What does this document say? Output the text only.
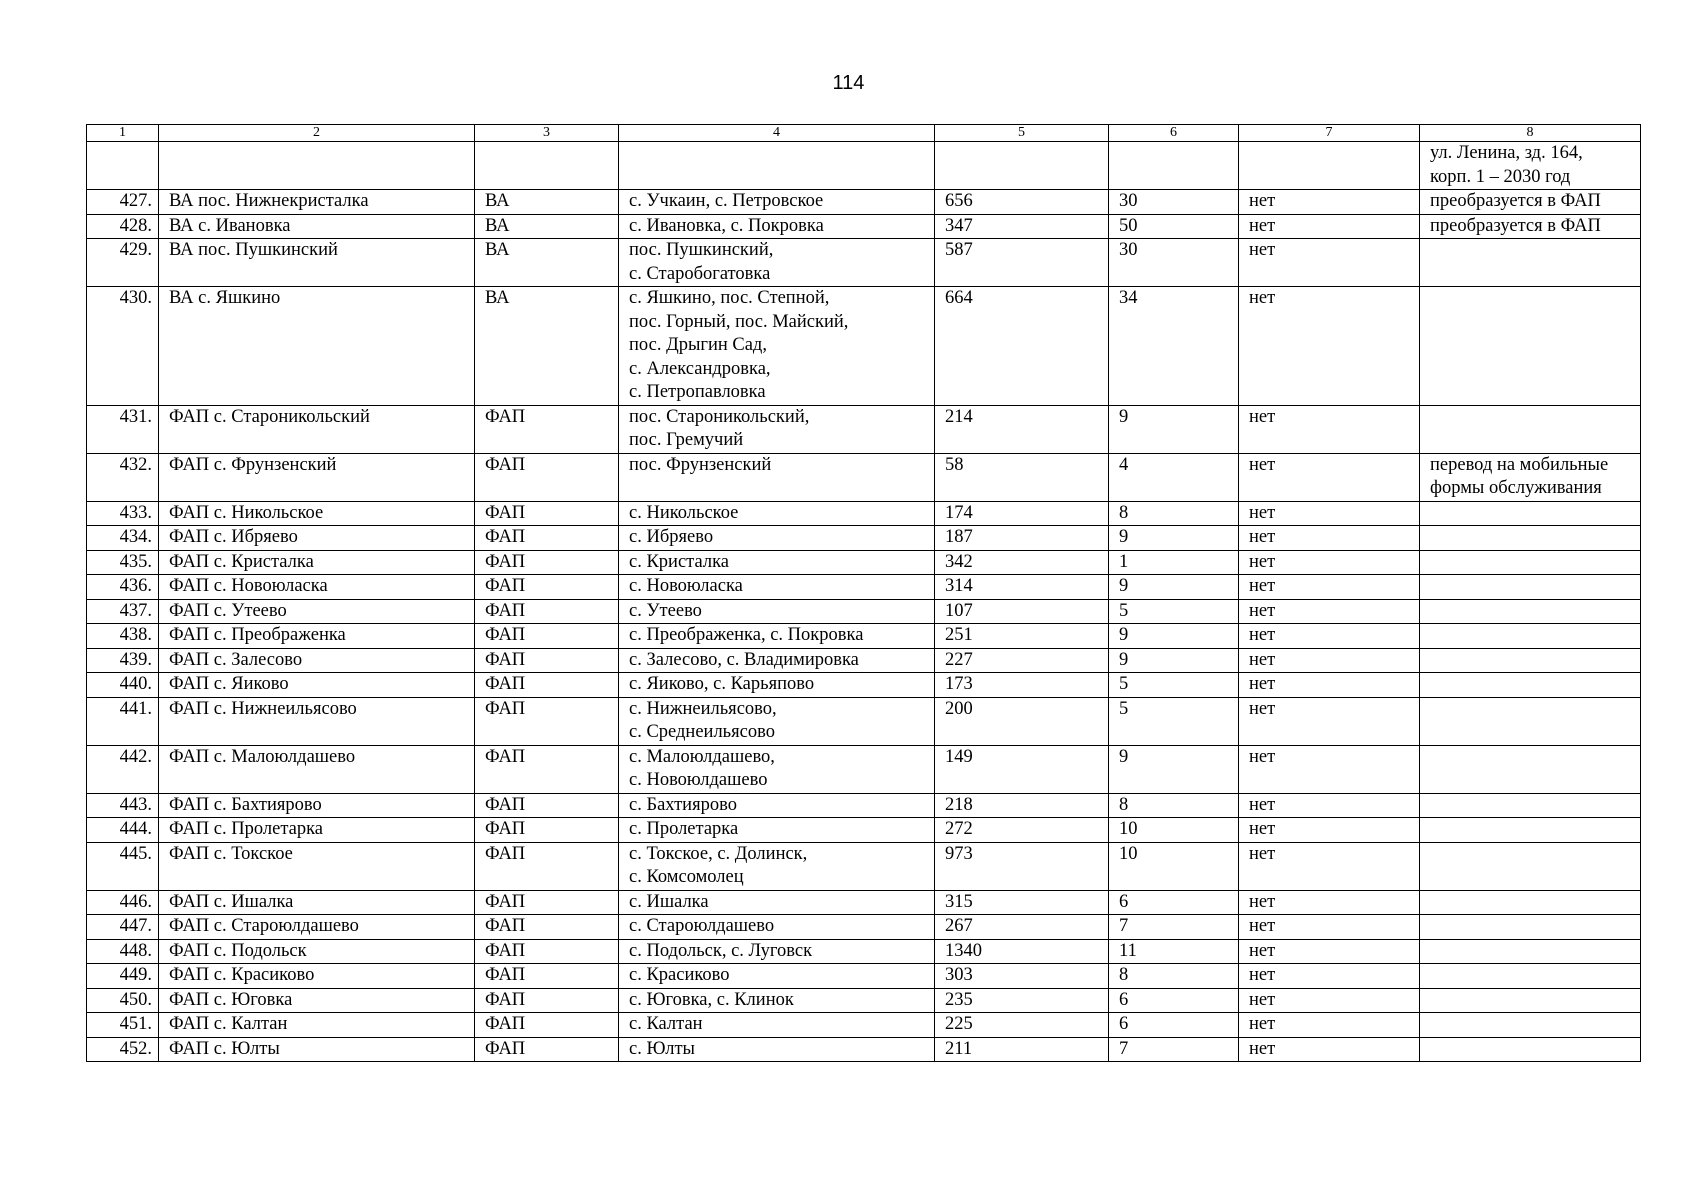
114
1	2	3	4	5	6	7	8
							ул. Ленина, зд. 164,
корп. 1 – 2030 год
427.	ВА пос. Нижнекристалка	ВА	с. Учкаин, с. Петровское	656	30	нет	преобразуется в ФАП
428.	ВА с. Ивановка	ВА	с. Ивановка, с. Покровка	347	50	нет	преобразуется в ФАП
429.	ВА пос. Пушкинский	ВА	пос. Пушкинский,
с. Старобогатовка	587	30	нет	
430.	ВА с. Яшкино	ВА	с. Яшкино, пос. Степной,
пос. Горный, пос. Майский,
пос. Дрыгин Сад,
с. Александровка,
с. Петропавловка	664	34	нет	
431.	ФАП с. Староникольский	ФАП	пос. Староникольский,
пос. Гремучий	214	9	нет	
432.	ФАП с. Фрунзенский	ФАП	пос. Фрунзенский	58	4	нет	перевод на мобильные
формы обслуживания
433.	ФАП с. Никольское	ФАП	с. Никольское	174	8	нет	
434.	ФАП с. Ибряево	ФАП	с. Ибряево	187	9	нет	
435.	ФАП с. Кристалка	ФАП	с. Кристалка	342	1	нет	
436.	ФАП с. Новоюласка	ФАП	с. Новоюласка	314	9	нет	
437.	ФАП с. Утеево	ФАП	с. Утеево	107	5	нет	
438.	ФАП с. Преображенка	ФАП	с. Преображенка, с. Покровка	251	9	нет	
439.	ФАП с. Залесово	ФАП	с. Залесово, с. Владимировка	227	9	нет	
440.	ФАП с. Яиково	ФАП	с. Яиково, с. Карьяпово	173	5	нет	
441.	ФАП с. Нижнеильясово	ФАП	с. Нижнеильясово,
с. Среднеильясово	200	5	нет	
442.	ФАП с. Малоюлдашево	ФАП	с. Малоюлдашево,
с. Новоюлдашево	149	9	нет	
443.	ФАП с. Бахтиярово	ФАП	с. Бахтиярово	218	8	нет	
444.	ФАП с. Пролетарка	ФАП	с. Пролетарка	272	10	нет	
445.	ФАП с. Токское	ФАП	с. Токское, с. Долинск,
с. Комсомолец	973	10	нет	
446.	ФАП с. Ишалка	ФАП	с. Ишалка	315	6	нет	
447.	ФАП с. Староюлдашево	ФАП	с. Староюлдашево	267	7	нет	
448.	ФАП с. Подольск	ФАП	с. Подольск, с. Луговск	1340	11	нет	
449.	ФАП с. Красиково	ФАП	с. Красиково	303	8	нет	
450.	ФАП с. Юговка	ФАП	с. Юговка, с. Клинок	235	6	нет	
451.	ФАП с. Калтан	ФАП	с. Калтан	225	6	нет	
452.	ФАП с. Юлты	ФАП	с. Юлты	211	7	нет	
